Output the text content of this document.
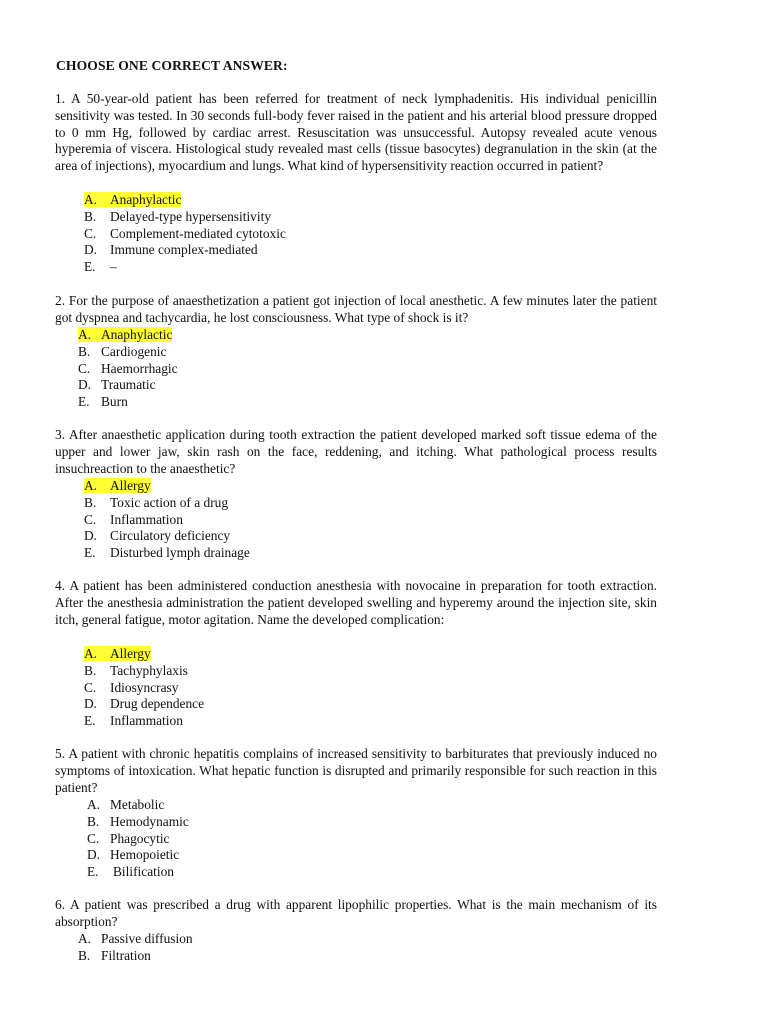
CHOOSE ONE CORRECT ANSWER:
1. A 50-year-old patient has been referred for treatment of neck lymphadenitis. His individual penicillin sensitivity was tested. In 30 seconds full-body fever raised in the patient and his arterial blood pressure dropped to 0 mm Hg, followed by cardiac arrest. Resuscitation was unsuccessful. Autopsy revealed acute venous hyperemia of viscera. Histological study revealed mast cells (tissue basocytes) degranulation in the skin (at the area of injections), myocardium and lungs. What kind of hypersensitivity reaction occurred in patient?
A. Anaphylactic
B. Delayed-type hypersensitivity
C. Complement-mediated cytotoxic
D. Immune complex-mediated
E. –
2. For the purpose of anaesthetization a patient got injection of local anesthetic. A few minutes later the patient got dyspnea and tachycardia, he lost consciousness. What type of shock is it?
A. Anaphylactic
B. Cardiogenic
C. Haemorrhagic
D. Traumatic
E. Burn
3. After anaesthetic application during tooth extraction the patient developed marked soft tissue edema of the upper and lower jaw, skin rash on the face, reddening, and itching. What pathological process results insuchreaction to the anaesthetic?
A. Allergy
B. Toxic action of a drug
C. Inflammation
D. Circulatory deficiency
E. Disturbed lymph drainage
4. A patient has been administered conduction anesthesia with novocaine in preparation for tooth extraction. After the anesthesia administration the patient developed swelling and hyperemy around the injection site, skin itch, general fatigue, motor agitation. Name the developed complication:
A. Allergy
B. Tachyphylaxis
C. Idiosyncrasy
D. Drug dependence
E. Inflammation
5. A patient with chronic hepatitis complains of increased sensitivity to barbiturates that previously induced no symptoms of intoxication. What hepatic function is disrupted and primarily responsible for such reaction in this patient?
A. Metabolic
B. Hemodynamic
C. Phagocytic
D. Hemopoietic
E. Bilification
6. A patient was prescribed a drug with apparent lipophilic properties. What is the main mechanism of its absorption?
A. Passive diffusion
B. Filtration
